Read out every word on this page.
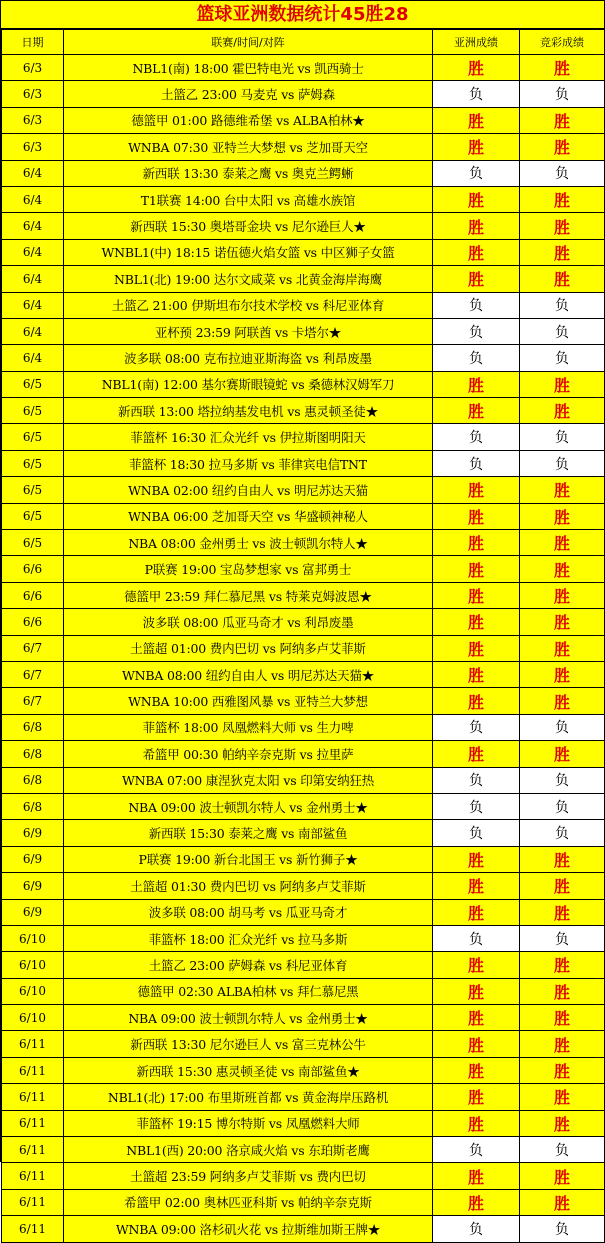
篮球亚洲数据统计45胜28
日期	联赛/时间/对阵	亚洲成绩	竞彩成绩
6/3	NBL1(南) 18:00 霍巴特电光 vs 凯西骑士	胜	胜
6/3	土篮乙 23:00 马麦克 vs 萨姆森	负	负
6/3	德篮甲 01:00 路德维希堡 vs ALBA柏林★	胜	胜
6/3	WNBA 07:30 亚特兰大梦想 vs 芝加哥天空	胜	胜
6/4	新西联 13:30 泰莱之鹰 vs 奥克兰鳄蜥	负	负
6/4	T1联赛 14:00 台中太阳 vs 高雄水族馆	胜	胜
6/4	新西联 15:30 奥塔哥金块 vs 尼尔逊巨人★	胜	胜
6/4	WNBL1(中) 18:15 诺伍德火焰女篮 vs 中区狮子女篮	胜	胜
6/4	NBL1(北) 19:00 达尔文咸菜 vs 北黄金海岸海鹰	胜	胜
6/4	土篮乙 21:00 伊斯坦布尔技术学校 vs 科尼亚体育	负	负
6/4	亚杯预 23:59 阿联酋 vs 卡塔尔★	负	负
6/4	波多联 08:00 克布拉迪亚斯海盗 vs 利昂废墨	负	负
6/5	NBL1(南) 12:00 基尔赛斯眼镜蛇 vs 桑德林汉姆军刀	胜	胜
6/5	新西联 13:00 塔拉纳基发电机 vs 惠灵顿圣徒★	胜	胜
6/5	菲篮杯 16:30 汇众光纤 vs 伊拉斯图明阳天	负	负
6/5	菲篮杯 18:30 拉马多斯 vs 菲律宾电信TNT	负	负
6/5	WNBA 02:00 纽约自由人 vs 明尼苏达天猫	胜	胜
6/5	WNBA 06:00 芝加哥天空 vs 华盛顿神秘人	胜	胜
6/5	NBA 08:00 金州勇士 vs 波士顿凯尔特人★	胜	胜
6/6	P联赛 19:00 宝岛梦想家 vs 富邦勇士	胜	胜
6/6	德篮甲 23:59 拜仁慕尼黑 vs 特莱克姆波恩★	胜	胜
6/6	波多联 08:00 瓜亚马奇才 vs 利昂废墨	胜	胜
6/7	土篮超 01:00 费内巴切 vs 阿纳多卢艾菲斯	胜	胜
6/7	WNBA 08:00 纽约自由人 vs 明尼苏达天猫★	胜	胜
6/7	WNBA 10:00 西雅图风暴 vs 亚特兰大梦想	胜	胜
6/8	菲篮杯 18:00 凤凰燃料大师 vs 生力啤	负	负
6/8	希篮甲 00:30 帕纳辛奈克斯 vs 拉里萨	胜	胜
6/8	WNBA 07:00 康涅狄克太阳 vs 印第安纳狂热	负	负
6/8	NBA 09:00 波士顿凯尔特人 vs 金州勇士★	负	负
6/9	新西联 15:30 泰莱之鹰 vs 南部鲨鱼	负	负
6/9	P联赛 19:00 新台北国王 vs 新竹狮子★	胜	胜
6/9	土篮超 01:30 费内巴切 vs 阿纳多卢艾菲斯	胜	胜
6/9	波多联 08:00 胡马考 vs 瓜亚马奇才	胜	胜
6/10	菲篮杯 18:00 汇众光纤 vs 拉马多斯	负	负
6/10	土篮乙 23:00 萨姆森 vs 科尼亚体育	胜	胜
6/10	德篮甲 02:30 ALBA柏林 vs 拜仁慕尼黑	胜	胜
6/10	NBA 09:00 波士顿凯尔特人 vs 金州勇士★	胜	胜
6/11	新西联 13:30 尼尔逊巨人 vs 富三克林公牛	胜	胜
6/11	新西联 15:30 惠灵顿圣徒 vs 南部鲨鱼★	胜	胜
6/11	NBL1(北) 17:00 布里斯班首都 vs 黄金海岸压路机	胜	胜
6/11	菲篮杯 19:15 博尔特斯 vs 凤凰燃料大师	胜	胜
6/11	NBL1(西) 20:00 洛京咸火焰 vs 东珀斯老鹰	负	负
6/11	土篮超 23:59 阿纳多卢艾菲斯 vs 费内巴切	胜	胜
6/11	希篮甲 02:00 奥林匹亚科斯 vs 帕纳辛奈克斯	胜	胜
6/11	WNBA 09:00 洛杉矶火花 vs 拉斯维加斯王牌★	负	负
